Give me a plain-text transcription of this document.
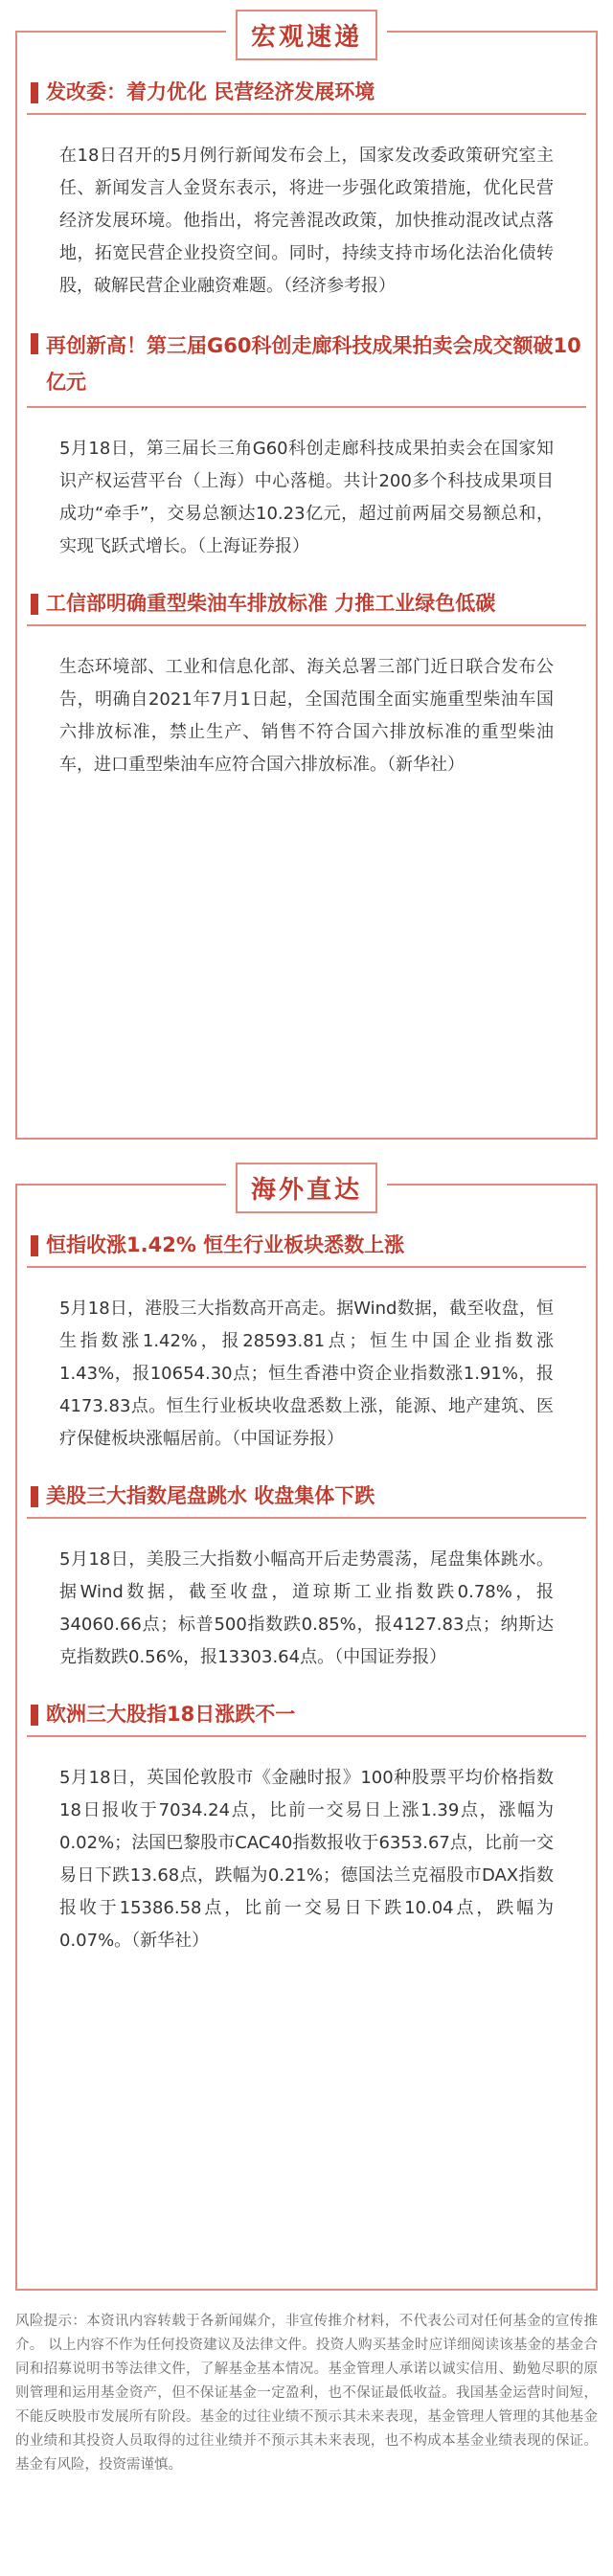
宏观速递
发改委：着力优化 民营经济发展环境
在18日召开的5月例行新闻发布会上，国家发改委政策研究室主任、新闻发言人金贤东表示，将进一步强化政策措施，优化民营经济发展环境。他指出，将完善混改政策，加快推动混改试点落地，拓宽民营企业投资空间。同时，持续支持市场化法治化债转股，破解民营企业融资难题。（经济参考报）
再创新高！第三届G60科创走廊科技成果拍卖会成交额破10亿元
5月18日，第三届长三角G60科创走廊科技成果拍卖会在国家知识产权运营平台（上海）中心落槌。共计200多个科技成果项目成功“牵手”，交易总额达10.23亿元，超过前两届交易额总和，实现飞跃式增长。（上海证券报）
工信部明确重型柴油车排放标准 力推工业绿色低碳
生态环境部、工业和信息化部、海关总署三部门近日联合发布公告，明确自2021年7月1日起，全国范围全面实施重型柴油车国六排放标准，禁止生产、销售不符合国六排放标准的重型柴油车，进口重型柴油车应符合国六排放标准。（新华社）
海外直达
恒指收涨1.42% 恒生行业板块悉数上涨
5月18日，港股三大指数高开高走。据Wind数据，截至收盘，恒生指数涨1.42%，报28593.81点；恒生中国企业指数涨1.43%，报10654.30点；恒生香港中资企业指数涨1.91%，报4173.83点。恒生行业板块收盘悉数上涨，能源、地产建筑、医疗保健板块涨幅居前。（中国证券报）
美股三大指数尾盘跳水 收盘集体下跌
5月18日，美股三大指数小幅高开后走势震荡，尾盘集体跳水。据Wind数据，截至收盘，道琼斯工业指数跌0.78%，报34060.66点；标普500指数跌0.85%，报4127.83点；纳斯达克指数跌0.56%，报13303.64点。（中国证券报）
欧洲三大股指18日涨跌不一
5月18日，英国伦敦股市《金融时报》100种股票平均价格指数18日报收于7034.24点，比前一交易日上涨1.39点，涨幅为0.02%；法国巴黎股市CAC40指数报收于6353.67点，比前一交易日下跌13.68点，跌幅为0.21%；德国法兰克福股市DAX指数报收于15386.58点，比前一交易日下跌10.04点，跌幅为0.07%。（新华社）
风险提示：本资讯内容转载于各新闻媒介，非宣传推介材料，不代表公司对任何基金的宣传推介。 以上内容不作为任何投资建议及法律文件。投资人购买基金时应详细阅读该基金的基金合同和招募说明书等法律文件，了解基金基本情况。基金管理人承诺以诚实信用、勤勉尽职的原则管理和运用基金资产，但不保证基金一定盈利，也不保证最低收益。我国基金运营时间短，不能反映股市发展所有阶段。基金的过往业绩不预示其未来表现，基金管理人管理的其他基金的业绩和其投资人员取得的过往业绩并不预示其未来表现，也不构成本基金业绩表现的保证。基金有风险，投资需谨慎。
